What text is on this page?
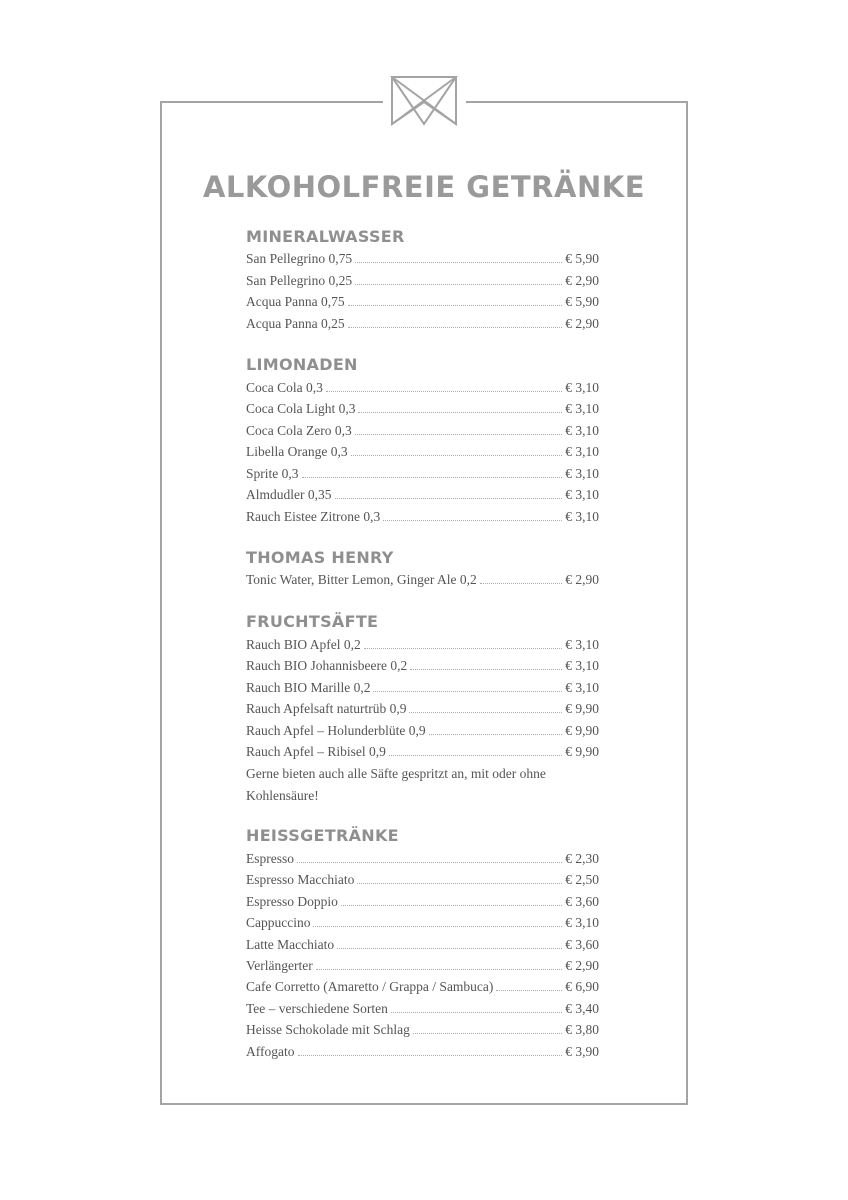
ALKOHOLFREIE GETRÄNKE
MINERALWASSER
San Pellegrino 0,75	€ 5,90
San Pellegrino 0,25	€ 2,90
Acqua Panna 0,75	€ 5,90
Acqua Panna 0,25	€ 2,90
LIMONADEN
Coca Cola 0,3	€ 3,10
Coca Cola Light 0,3	€ 3,10
Coca Cola Zero 0,3	€ 3,10
Libella Orange 0,3	€ 3,10
Sprite 0,3	€ 3,10
Almdudler 0,35	€ 3,10
Rauch Eistee Zitrone 0,3	€ 3,10
THOMAS HENRY
Tonic Water, Bitter Lemon, Ginger Ale 0,2	€ 2,90
FRUCHTSÄFTE
Rauch BIO Apfel 0,2	€ 3,10
Rauch BIO Johannisbeere 0,2	€ 3,10
Rauch BIO Marille 0,2	€ 3,10
Rauch Apfelsaft naturtrüb 0,9	€ 9,90
Rauch Apfel – Holunderblüte 0,9	€ 9,90
Rauch Apfel – Ribisel 0,9	€ 9,90
Gerne bieten auch alle Säfte gespritzt an, mit oder ohne Kohlensäure!
HEISSGETRÄNKE
Espresso	€ 2,30
Espresso Macchiato	€ 2,50
Espresso Doppio	€ 3,60
Cappuccino	€ 3,10
Latte Macchiato	€ 3,60
Verlängerter	€ 2,90
Cafe Corretto (Amaretto / Grappa / Sambuca)	€ 6,90
Tee – verschiedene Sorten	€ 3,40
Heisse Schokolade mit Schlag	€ 3,80
Affogato	€ 3,90
